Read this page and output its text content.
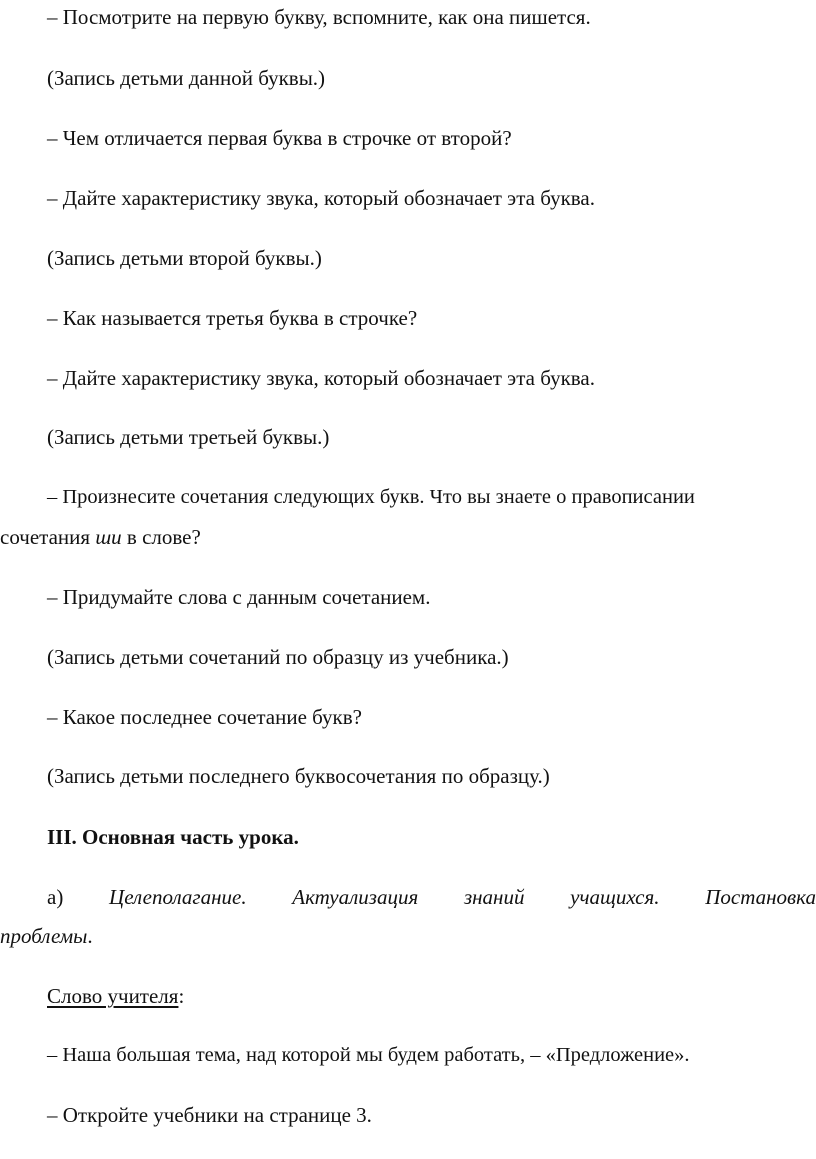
– Посмотрите на первую букву, вспомните, как она пишется.
(Запись детьми данной буквы.)
– Чем отличается первая буква в строчке от второй?
– Дайте характеристику звука, который обозначает эта буква.
(Запись детьми второй буквы.)
– Как называется третья буква в строчке?
– Дайте характеристику звука, который обозначает эта буква.
(Запись детьми третьей буквы.)
– Произнесите сочетания следующих букв. Что вы знаете о правописании
сочетания ши в слове?
– Придумайте слова с данным сочетанием.
(Запись детьми сочетаний по образцу из учебника.)
– Какое последнее сочетание букв?
(Запись детьми последнего буквосочетания по образцу.)
III. Основная часть урока.
а) Целеполагание. Актуализация знаний учащихся. Постановка
проблемы.
Слово учителя:
– Наша большая тема, над которой мы будем работать, – «Предложение».
– Откройте учебники на странице 3.
